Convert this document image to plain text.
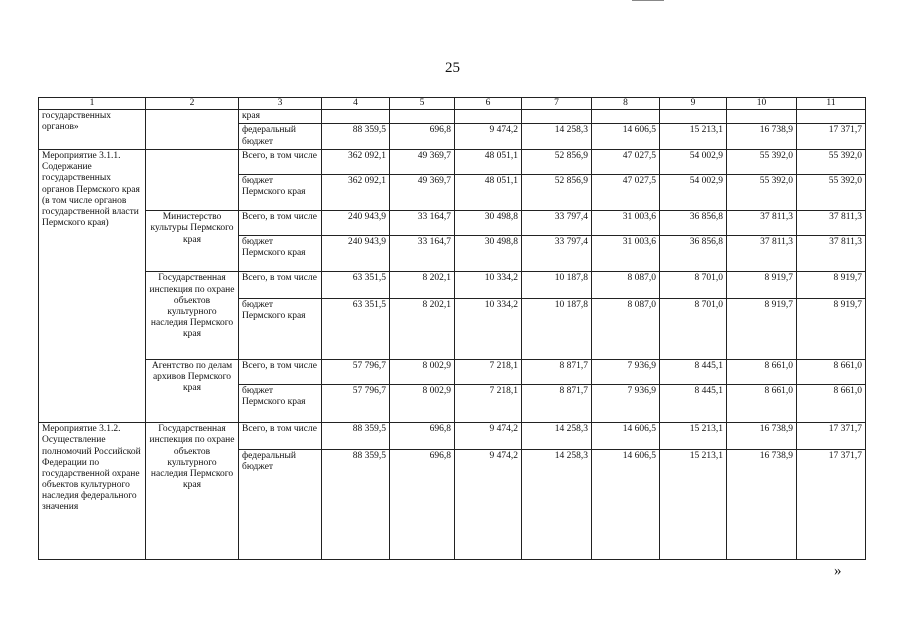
25
1	2	3	4	5	6	7	8	9	10	11
государственных органов»		края								
		федеральный бюджет	88 359,5	696,8	9 474,2	14 258,3	14 606,5	15 213,1	16 738,9	17 371,7
Мероприятие 3.1.1. Содержание государственных органов Пермского края (в том числе органов государственной власти Пермского края)		Всего, в том числе	362 092,1	49 369,7	48 051,1	52 856,9	47 027,5	54 002,9	55 392,0	55 392,0
		бюджет Пермского края	362 092,1	49 369,7	48 051,1	52 856,9	47 027,5	54 002,9	55 392,0	55 392,0
	Министерство культуры Пермского края	Всего, в том числе	240 943,9	33 164,7	30 498,8	33 797,4	31 003,6	36 856,8	37 811,3	37 811,3
		бюджет Пермского края	240 943,9	33 164,7	30 498,8	33 797,4	31 003,6	36 856,8	37 811,3	37 811,3
	Государственная инспекция по охране объектов культурного наследия Пермского края	Всего, в том числе	63 351,5	8 202,1	10 334,2	10 187,8	8 087,0	8 701,0	8 919,7	8 919,7
		бюджет Пермского края	63 351,5	8 202,1	10 334,2	10 187,8	8 087,0	8 701,0	8 919,7	8 919,7
	Агентство по делам архивов Пермского края	Всего, в том числе	57 796,7	8 002,9	7 218,1	8 871,7	7 936,9	8 445,1	8 661,0	8 661,0
		бюджет Пермского края	57 796,7	8 002,9	7 218,1	8 871,7	7 936,9	8 445,1	8 661,0	8 661,0
Мероприятие 3.1.2. Осуществление полномочий Российской Федерации по государственной охране объектов культурного наследия федерального значения	Государственная инспекция по охране объектов культурного наследия Пермского края	Всего, в том числе	88 359,5	696,8	9 474,2	14 258,3	14 606,5	15 213,1	16 738,9	17 371,7
		федеральный бюджет	88 359,5	696,8	9 474,2	14 258,3	14 606,5	15 213,1	16 738,9	17 371,7
»
